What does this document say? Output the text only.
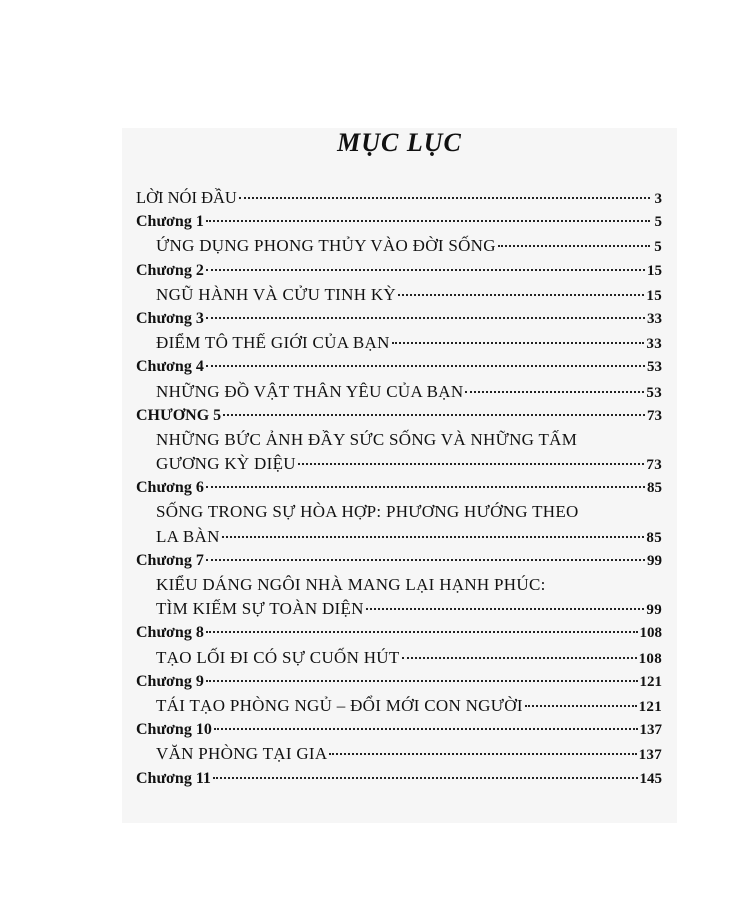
MỤC LỤC
LỜI NÓI ĐẦU	3
Chương 1	5
ỨNG DỤNG PHONG THỦY VÀO ĐỜI SỐNG	5
Chương 2	15
NGŨ HÀNH VÀ CỬU TINH KỲ	15
Chương 3	33
ĐIỂM TÔ THẾ GIỚI CỦA BẠN	33
Chương 4	53
NHỮNG ĐỒ VẬT THÂN YÊU CỦA BẠN	53
CHƯƠNG 5	73
NHỮNG BỨC ẢNH ĐẦY SỨC SỐNG VÀ NHỮNG TẤM
GƯƠNG KỲ DIỆU	73
Chương 6	85
SỐNG TRONG SỰ HÒA HỢP: PHƯƠNG HƯỚNG THEO
LA BÀN	85
Chương 7	99
KIỂU DÁNG NGÔI NHÀ MANG LẠI HẠNH PHÚC:
TÌM KIẾM SỰ TOÀN DIỆN	99
Chương 8	108
TẠO LỐI ĐI CÓ SỰ CUỐN HÚT	108
Chương 9	121
TÁI TẠO PHÒNG NGỦ – ĐỔI MỚI CON NGƯỜI	121
Chương 10	137
VĂN PHÒNG TẠI GIA	137
Chương 11	145
